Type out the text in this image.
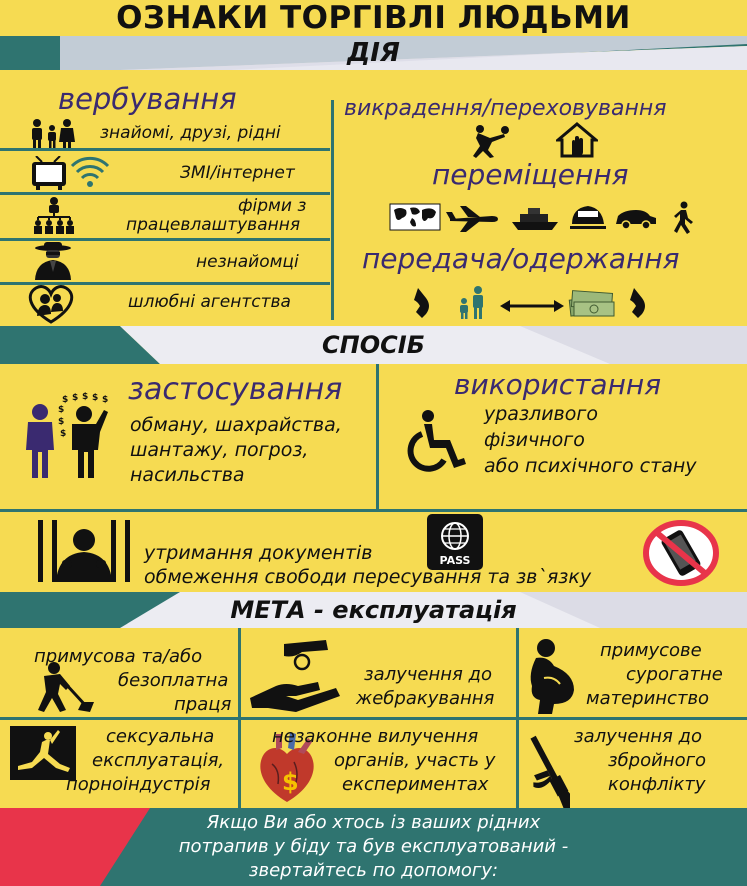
ОЗНАКИ ТОРГІВЛІ ЛЮДЬМИ
ДІЯ
вербування
знайомі, друзі, рідні
ЗМІ/інтернет
фірми з
працевлаштування
незнайомці
шлюбні агентства
викрадення/переховування
переміщення
передача/одержання
СПОСІБ
$ $ $ $ $
$
$
$
застосування
обману, шахрайства,
шантажу, погроз,
насильства
використання
уразливого
фізичного
або психічного стану
PASS
утримання документів
обмеження свободи пересування та зв`язку
МЕТА - експлуатація
примусова та/або
безоплатна
праця
залучення до
жебракування
примусове
сурогатне
материнство
сексуальна
експлуатація,
порноіндустрія	$
незаконне вилучення
органів, участь у
експериментах
залучення до
збройного
конфлікту
Якщо Ви або хтось із ваших рідних
потрапив у біду та був експлуатований -
звертайтесь по допомогу:
